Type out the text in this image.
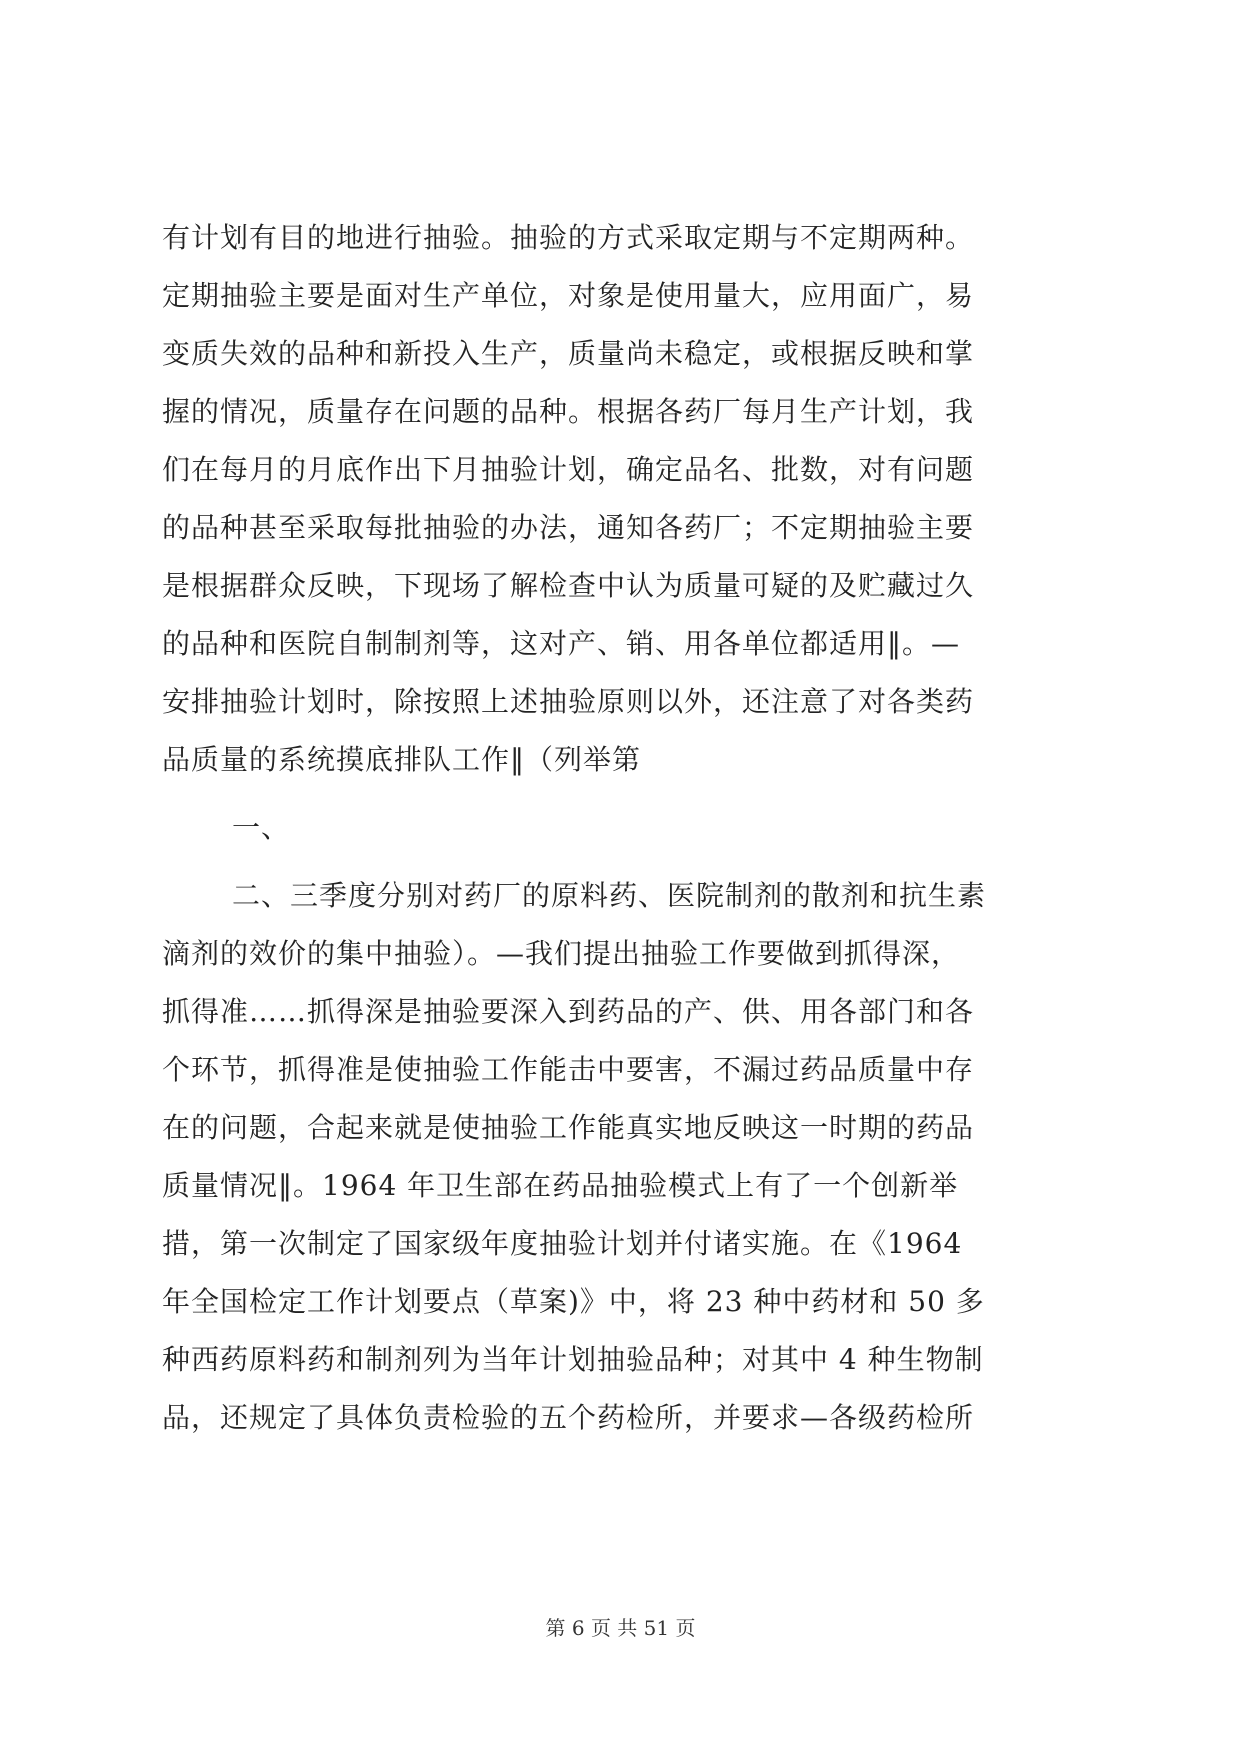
有计划有目的地进行抽验。抽验的方式采取定期与不定期两种。
定期抽验主要是面对生产单位，对象是使用量大，应用面广，易
变质失效的品种和新投入生产，质量尚未稳定，或根据反映和掌
握的情况，质量存在问题的品种。根据各药厂每月生产计划，我
们在每月的月底作出下月抽验计划，确定品名、批数，对有问题
的品种甚至采取每批抽验的办法，通知各药厂；不定期抽验主要
是根据群众反映，下现场了解检查中认为质量可疑的及贮藏过久
的品种和医院自制制剂等，这对产、销、用各单位都适用‖。—
安排抽验计划时，除按照上述抽验原则以外，还注意了对各类药
品质量的系统摸底排队工作‖（列举第
一、
二、三季度分别对药厂的原料药、医院制剂的散剂和抗生素
滴剂的效价的集中抽验）。—我们提出抽验工作要做到抓得深，
抓得准……抓得深是抽验要深入到药品的产、供、用各部门和各
个环节，抓得准是使抽验工作能击中要害，不漏过药品质量中存
在的问题，合起来就是使抽验工作能真实地反映这一时期的药品
质量情况‖。1964 年卫生部在药品抽验模式上有了一个创新举
措，第一次制定了国家级年度抽验计划并付诸实施。在《1964
年全国检定工作计划要点（草案)》中，将 23 种中药材和 50 多
种西药原料药和制剂列为当年计划抽验品种；对其中 4 种生物制
品，还规定了具体负责检验的五个药检所，并要求—各级药检所
第 6 页 共 51 页
